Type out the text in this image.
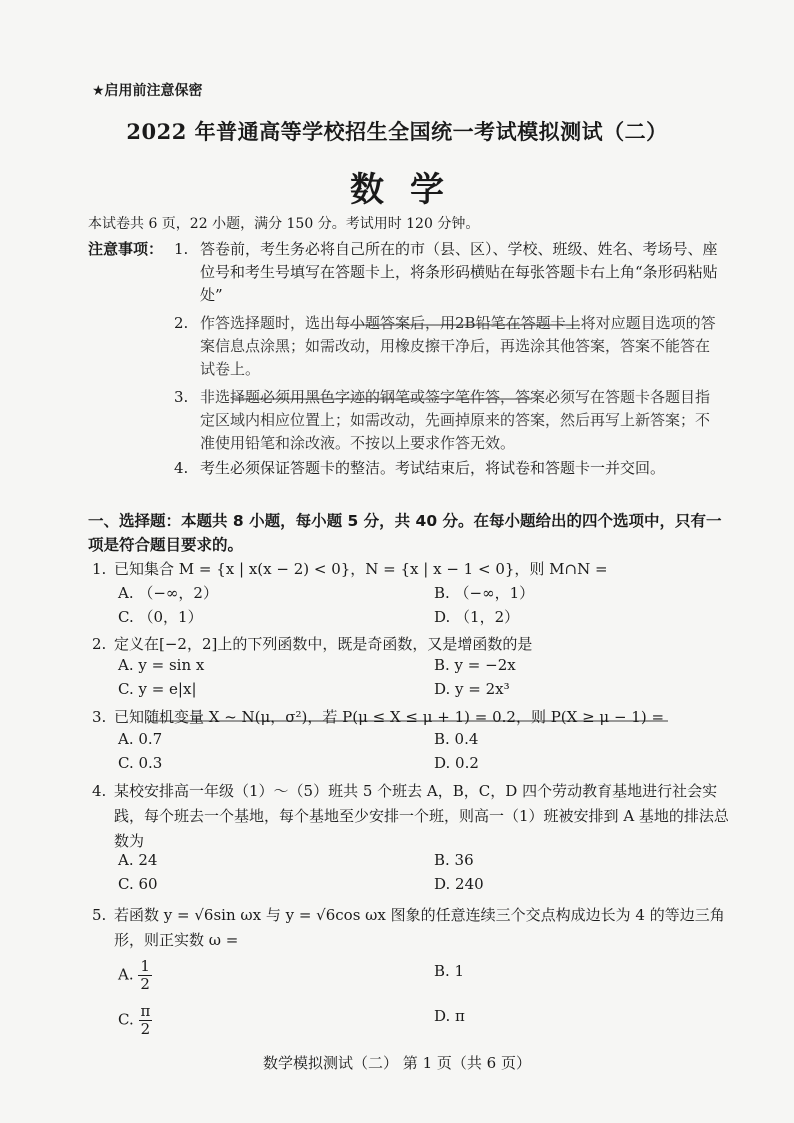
★启用前注意保密
2022 年普通高等学校招生全国统一考试模拟测试（二）
数学
本试卷共 6 页，22 小题，满分 150 分。考试用时 120 分钟。
注意事项： 1. 答卷前，考生务必将自己所在的市（县、区）、学校、班级、姓名、考场号、座位号和考生号填写在答题卡上，将条形码横贴在每张答题卡右上角“条形码粘贴处”
2. 作答选择题时，选出每小题答案后，用2B铅笔在答题卡上将对应题目选项的答案信息点涂黑；如需改动，用橡皮擦干净后，再选涂其他答案，答案不能答在试卷上。
3. 非选择题必须用黑色字迹的钢笔或签字笔作答，答案必须写在答题卡各题目指定区域内相应位置上；如需改动，先画掉原来的答案，然后再写上新答案；不准使用铅笔和涂改液。不按以上要求作答无效。
4. 考生必须保证答题卡的整洁。考试结束后，将试卷和答题卡一并交回。
一、选择题：本题共 8 小题，每小题 5 分，共 40 分。在每小题给出的四个选项中，只有一项是符合题目要求的。
1. 已知集合 M = {x | x(x − 2) < 0}，N = {x | x − 1 < 0}，则 M∩N =
A. （−∞，2）	B. （−∞，1）
C. （0，1）	D. （1，2）
2. 定义在[−2，2]上的下列函数中，既是奇函数，又是增函数的是
A. y = sin x	B. y = −2x
C. y = e|x|	D. y = 2x³
3. 已知随机变量 X ~ N(μ，σ²)，若 P(μ ≤ X ≤ μ + 1) = 0.2，则 P(X ≥ μ − 1) =
A. 0.7	B. 0.4
C. 0.3	D. 0.2
4. 某校安排高一年级（1）～（5）班共 5 个班去 A，B，C，D 四个劳动教育基地进行社会实践，每个班去一个基地，每个基地至少安排一个班，则高一（1）班被安排到 A 基地的排法总数为
A. 24	B. 36
C. 60	D. 240
5. 若函数 y = √6sin ωx 与 y = √6cos ωx 图象的任意连续三个交点构成边长为 4 的等边三角形，则正实数 ω =
A. $\frac{1}{2}$	B. 1
C. $\frac{\pi}{2}$	D. π
数学模拟测试（二） 第 1 页（共 6 页）
